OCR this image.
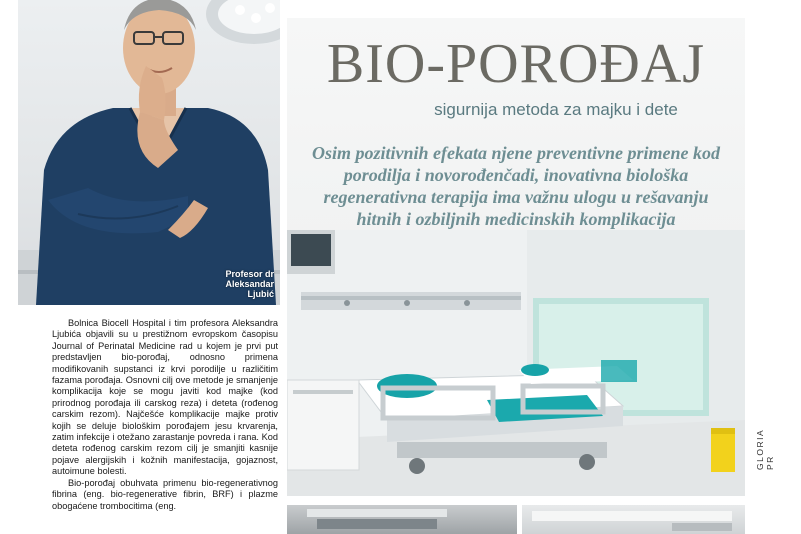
Profesor dr
Aleksandar
Ljubić

Bolnica Biocell Hospital i tim profesora Aleksandra Ljubića objavili su u prestižnom evropskom časopisu Journal of Perinatal Medicine rad u kojem je prvi put predstavljen bio-porođaj, odnosno primena modifikovanih supstanci iz krvi porodilje u različitim fazama porođaja. Osnovni cilj ove metode je smanjenje komplikacija koje se mogu javiti kod majke (kod prirodnog porođaja ili carskog reza) i deteta (rođenog carskim rezom). Najčešće komplikacije majke protiv kojih se deluje biološkim porođajem jesu krvarenja, zatim infekcije i otežano zarastanje povreda i rana. Kod deteta rođenog carskim rezom cilj je smanjiti kasnije pojave alergijskih i kožnih manifestacija, gojaznost, autoimune bolesti.

Bio-porođaj obuhvata primenu bio-regenerativnog fibrina (eng. bio-regenerative fibrin, BRF) i plazme obogaćene trombocitima (eng.

BIO-POROĐAJ
sigurnija metoda za majku i dete
Osim pozitivnih efekata njene preventivne primene kod porodilja i novorođenčadi, inovativna biološka regenerativna terapija ima važnu ulogu u rešavanju hitnih i ozbiljnih medicinskih komplikacija
GLORIA PR
